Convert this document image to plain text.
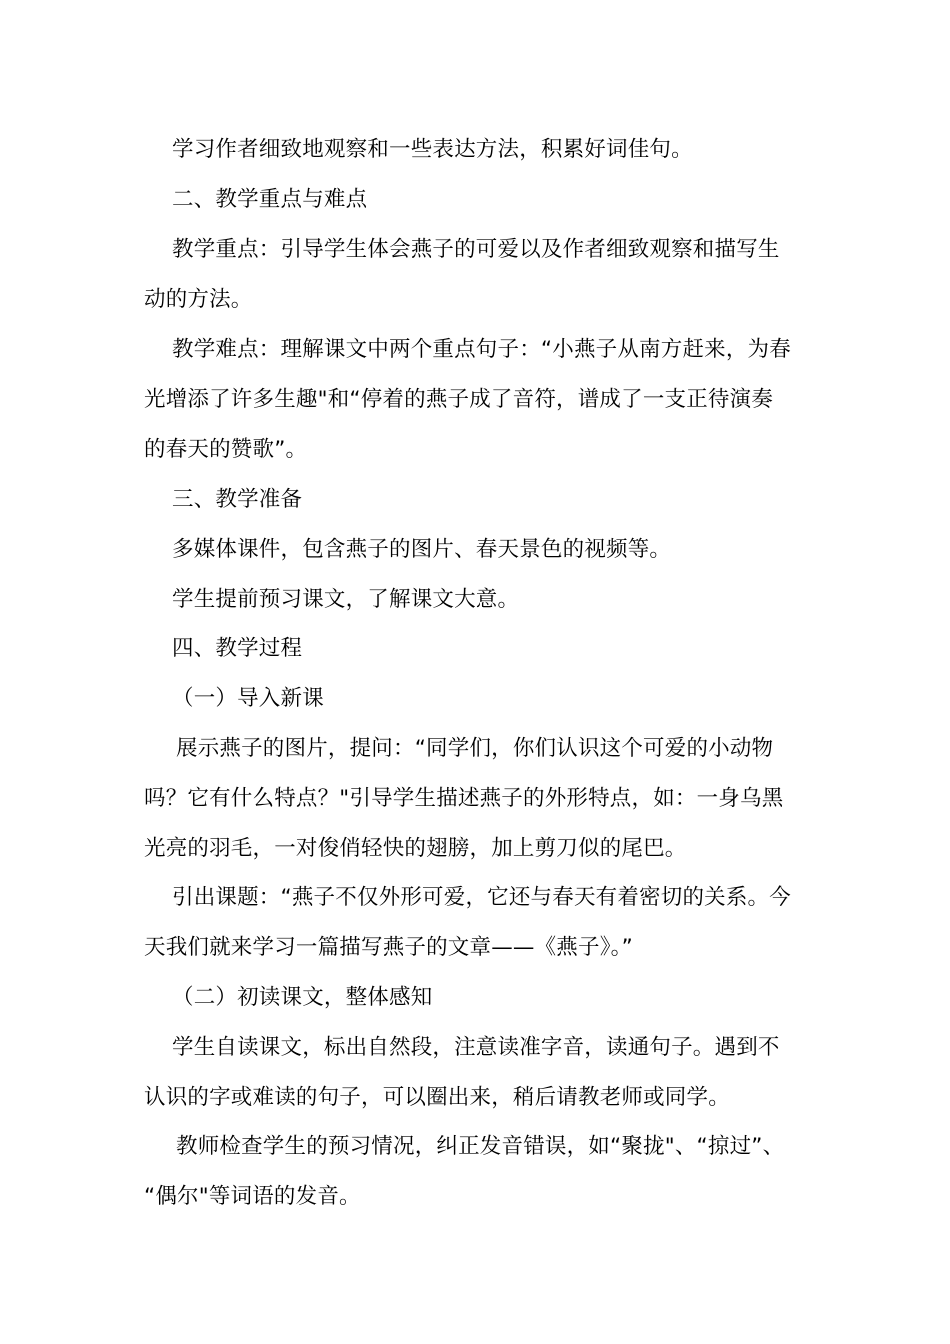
学习作者细致地观察和一些表达方法，积累好词佳句。
二、教学重点与难点
教学重点：引导学生体会燕子的可爱以及作者细致观察和描写生
动的方法。
教学难点：理解课文中两个重点句子：“小燕子从南方赶来，为春
光增添了许多生趣"和“停着的燕子成了音符，谱成了一支正待演奏
的春天的赞歌”。
三、教学准备
多媒体课件，包含燕子的图片、春天景色的视频等。
学生提前预习课文，了解课文大意。
四、教学过程
（一）导入新课
展示燕子的图片，提问：“同学们，你们认识这个可爱的小动物
吗？它有什么特点？"引导学生描述燕子的外形特点，如：一身乌黑
光亮的羽毛，一对俊俏轻快的翅膀，加上剪刀似的尾巴。
引出课题：“燕子不仅外形可爱，它还与春天有着密切的关系。今
天我们就来学习一篇描写燕子的文章——《燕子》。”
（二）初读课文，整体感知
学生自读课文，标出自然段，注意读准字音，读通句子。遇到不
认识的字或难读的句子，可以圈出来，稍后请教老师或同学。
教师检查学生的预习情况，纠正发音错误，如“聚拢"、“掠过”、
“偶尔"等词语的发音。
